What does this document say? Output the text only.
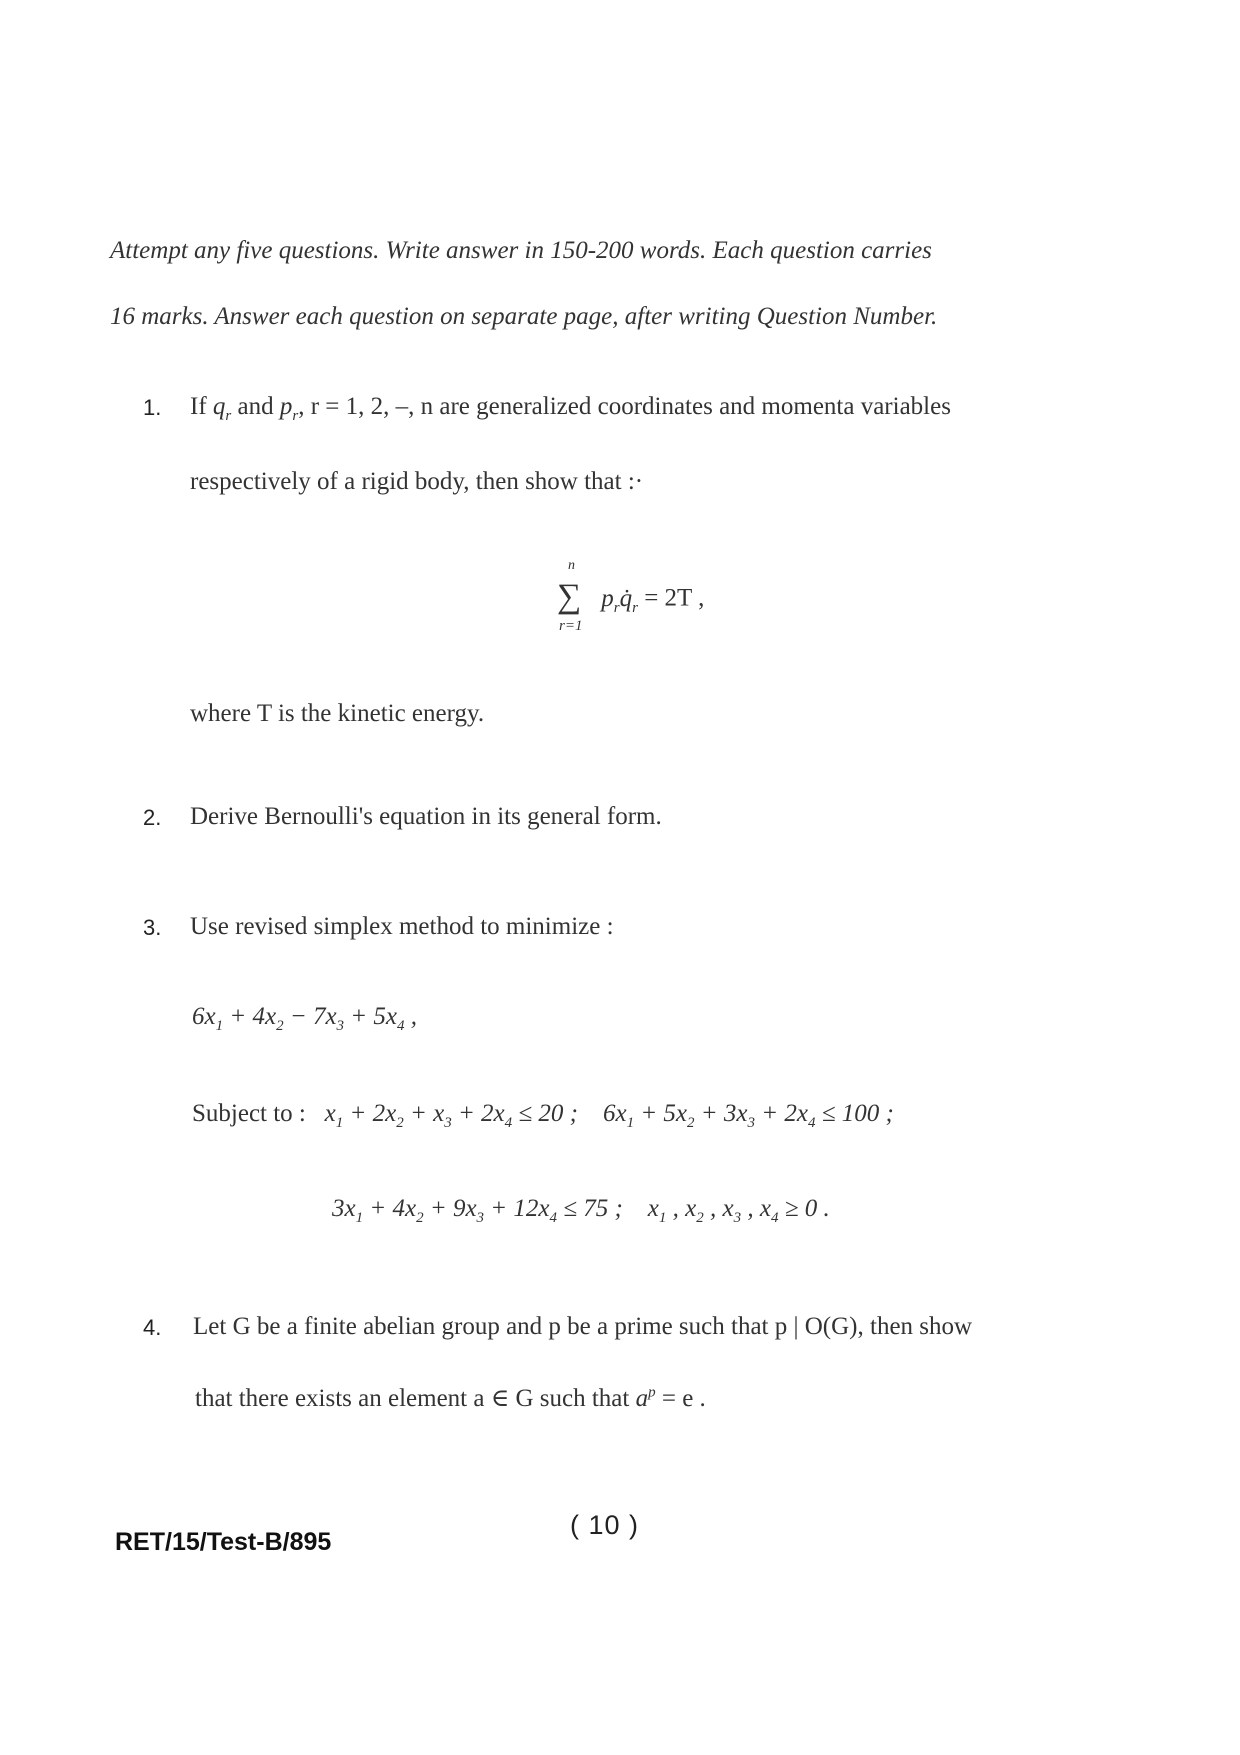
Attempt any five questions. Write answer in 150-200 words. Each question carries
16 marks. Answer each question on separate page, after writing Question Number.
1. If $q_r$ and $p_r$, r = 1, 2, –, n are generalized coordinates and momenta variables
respectively of a rigid body, then show that :·
n
∑
r=1
$p_rq̇_r = 2T$ ,
where T is the kinetic energy.
2. Derive Bernoulli's equation in its general form.
3. Use revised simplex method to minimize :
$6x_1 + 4x_2 - 7x_3 + 5x_4$ ,
Subject to : $x_1 + 2x_2 + x_3 + 2x_4 \le 20$ ;    $6x_1 + 5x_2 + 3x_3 + 2x_4 \le 100$ ;
$3x_1 + 4x_2 + 9x_3 + 12x_4 \le 75$ ;    $x_1$ , $x_2$ , $x_3$ , $x_4 \ge 0$ .
4. Let G be a finite abelian group and p be a prime such that p | O(G), then show
that there exists an element a ∈ G such that $a^p = e$ .
RET/15/Test-B/895
( 10 )
